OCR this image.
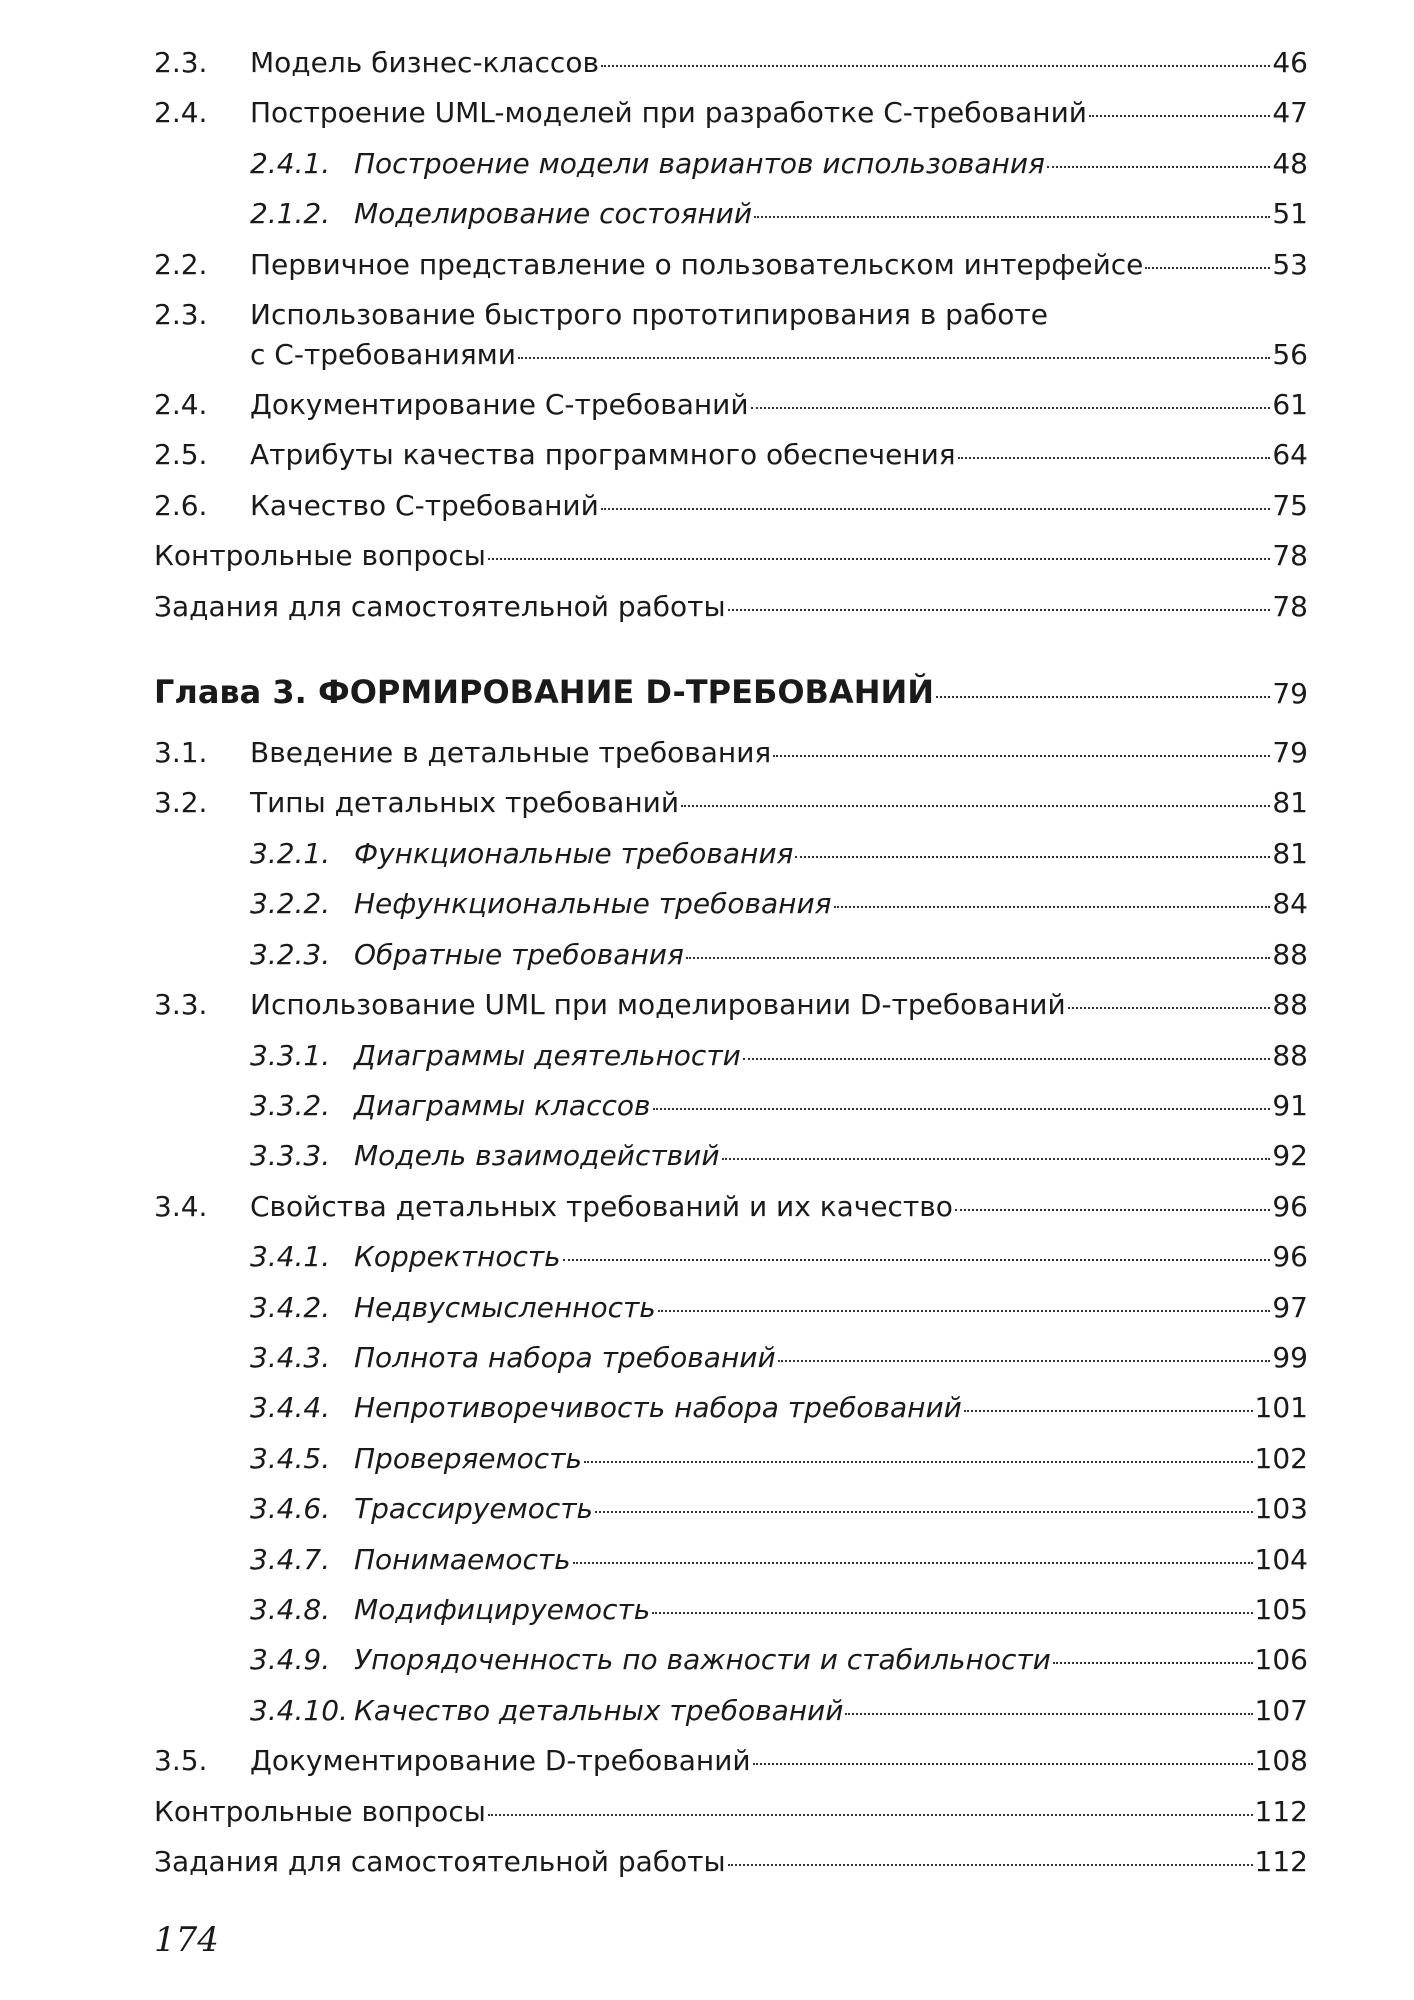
2.3.	Модель бизнес-классов	46
2.4.	Построение UML-моделей при разработке С-требований	47
2.4.1. Построение модели вариантов использования	48
2.1.2. Моделирование состояний	51
2.2.	Первичное представление о пользовательском интерфейсе	53
2.3.	Использование быстрого прототипирования в работе
с С-требованиями	56
2.4.	Документирование С-требований	61
2.5.	Атрибуты качества программного обеспечения	64
2.6.	Качество С-требований	75
Контрольные вопросы	78
Задания для самостоятельной работы	78
Глава 3. ФОРМИРОВАНИЕ D-ТРЕБОВАНИЙ	79
3.1.	Введение в детальные требования	79
3.2.	Типы детальных требований	81
3.2.1. Функциональные требования	81
3.2.2. Нефункциональные требования	84
3.2.3. Обратные требования	88
3.3.	Использование UML при моделировании D-требований	88
3.3.1. Диаграммы деятельности	88
3.3.2. Диаграммы классов	91
3.3.3. Модель взаимодействий	92
3.4.	Свойства детальных требований и их качество	96
3.4.1. Корректность	96
3.4.2. Недвусмысленность	97
3.4.3. Полнота набора требований	99
3.4.4. Непротиворечивость набора требований	101
3.4.5. Проверяемость	102
3.4.6. Трассируемость	103
3.4.7. Понимаемость	104
3.4.8. Модифицируемость	105
3.4.9. Упорядоченность по важности и стабильности	106
3.4.10. Качество детальных требований	107
3.5.	Документирование D-требований	108
Контрольные вопросы	112
Задания для самостоятельной работы	112
174
